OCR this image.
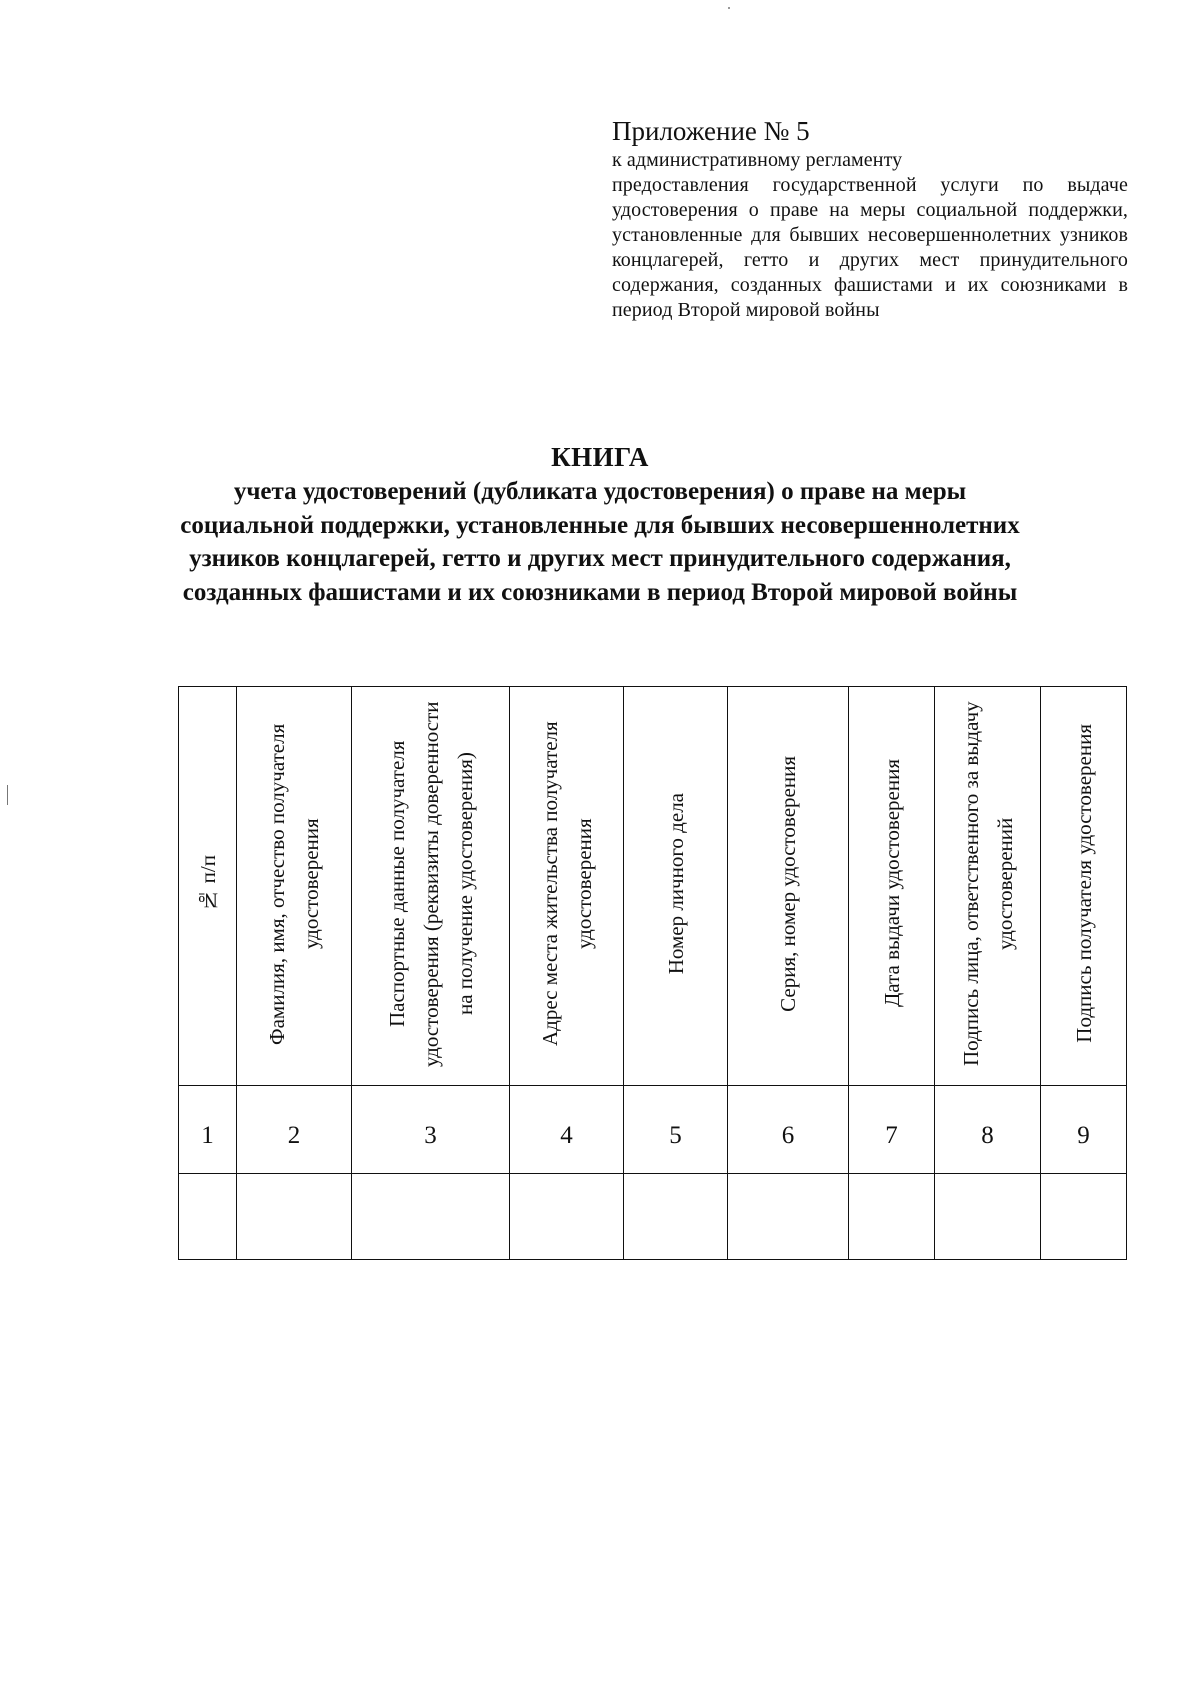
Приложение № 5

к административному регламенту

предоставления государственной услуги по выдаче удостоверения о праве на меры социальной поддержки, установленные для бывших несовершеннолетних узников концлагерей, гетто и других мест принудительного содержания, созданных фашистами и их союзниками в период Второй мировой войны

КНИГА
учета удостоверений (дубликата удостоверения) о праве на меры социальной поддержки, установленные для бывших несовершеннолетних узников концлагерей, гетто и других мест принудительного содержания, созданных фашистами и их союзниками в период Второй мировой войны
№ п/п	Фамилия, имя, отчество получателя удостоверения	Паспортные данные получателя удостоверения (реквизиты доверенности на получение удостоверения)	Адрес места жительства получателя удостоверения	Номер личного дела	Серия, номер удостоверения	Дата выдачи удостоверения	Подпись лица, ответственного за выдачу удостоверений	Подпись получателя удостоверения
1	2	3	4	5	6	7	8	9
